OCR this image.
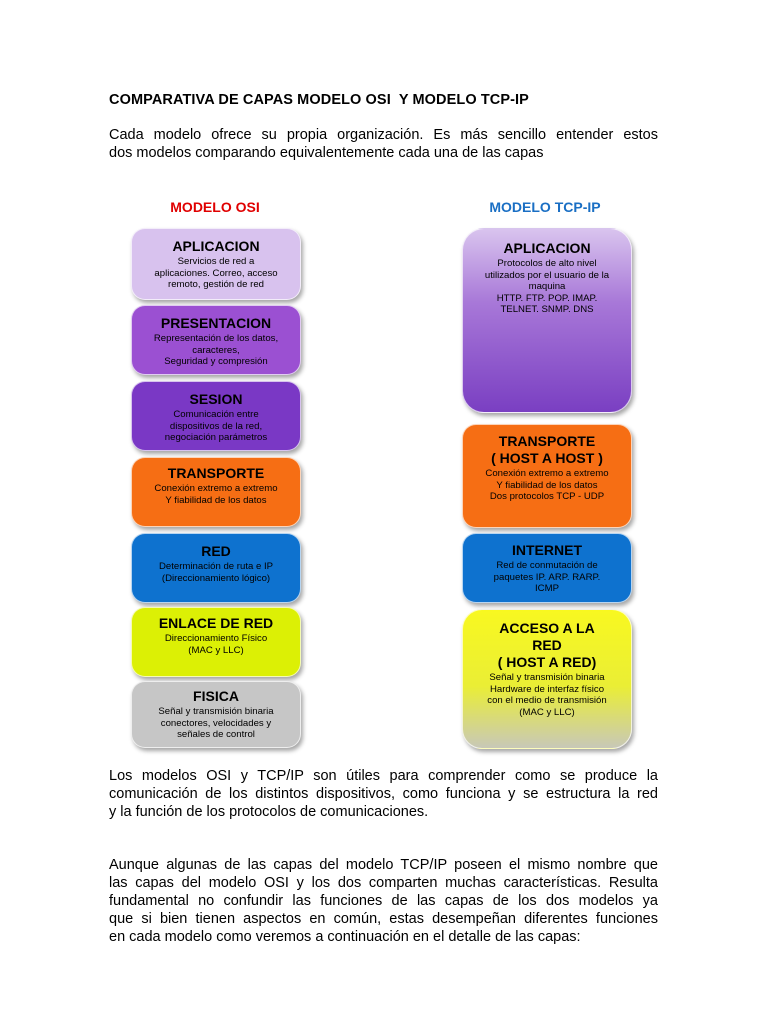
COMPARATIVA DE CAPAS MODELO OSI  Y MODELO TCP-IP

Cada modelo ofrece su propia organización. Es más sencillo entender estos

dos modelos comparando equivalentemente cada una de las capas

MODELO OSI	MODELO TCP-IP
APLICACION
Servicios de red a
aplicaciones. Correo, acceso
remoto, gestión de red
PRESENTACION
Representación de los datos,
caracteres,
Seguridad y compresión
SESION
Comunicación entre
dispositivos de la red,
negociación parámetros
TRANSPORTE
Conexión extremo a extremo
Y fiabilidad de los datos
RED
Determinación de ruta e IP
(Direccionamiento lógico)
ENLACE DE RED
Direccionamiento Físico
(MAC y LLC)
FISICA
Señal y transmisión binaria
conectores, velocidades y
señales de control
APLICACION
Protocolos de alto nivel
utilizados por el usuario de la
maquina
HTTP. FTP. POP. IMAP.
TELNET. SNMP. DNS
TRANSPORTE
( HOST A HOST )
Conexión extremo a extremo
Y fiabilidad de los datos
Dos protocolos TCP - UDP
INTERNET
Red de conmutación de
paquetes IP. ARP. RARP.
ICMP
ACCESO A LA
RED
( HOST A RED)
Señal y transmisión binaria
Hardware de interfaz físico
con el medio de transmisión
(MAC y LLC)

Los modelos OSI y TCP/IP son útiles para comprender como se produce la

comunicación de los distintos dispositivos, como funciona y se estructura la red

y la función de los protocolos de comunicaciones.

Aunque algunas de las capas del modelo TCP/IP poseen el mismo nombre que

las capas del modelo OSI y los dos comparten muchas características. Resulta

fundamental no confundir las funciones de las capas de los dos modelos ya

que si bien tienen aspectos en común, estas desempeñan diferentes funciones

en cada modelo como veremos a continuación en el detalle de las capas:
